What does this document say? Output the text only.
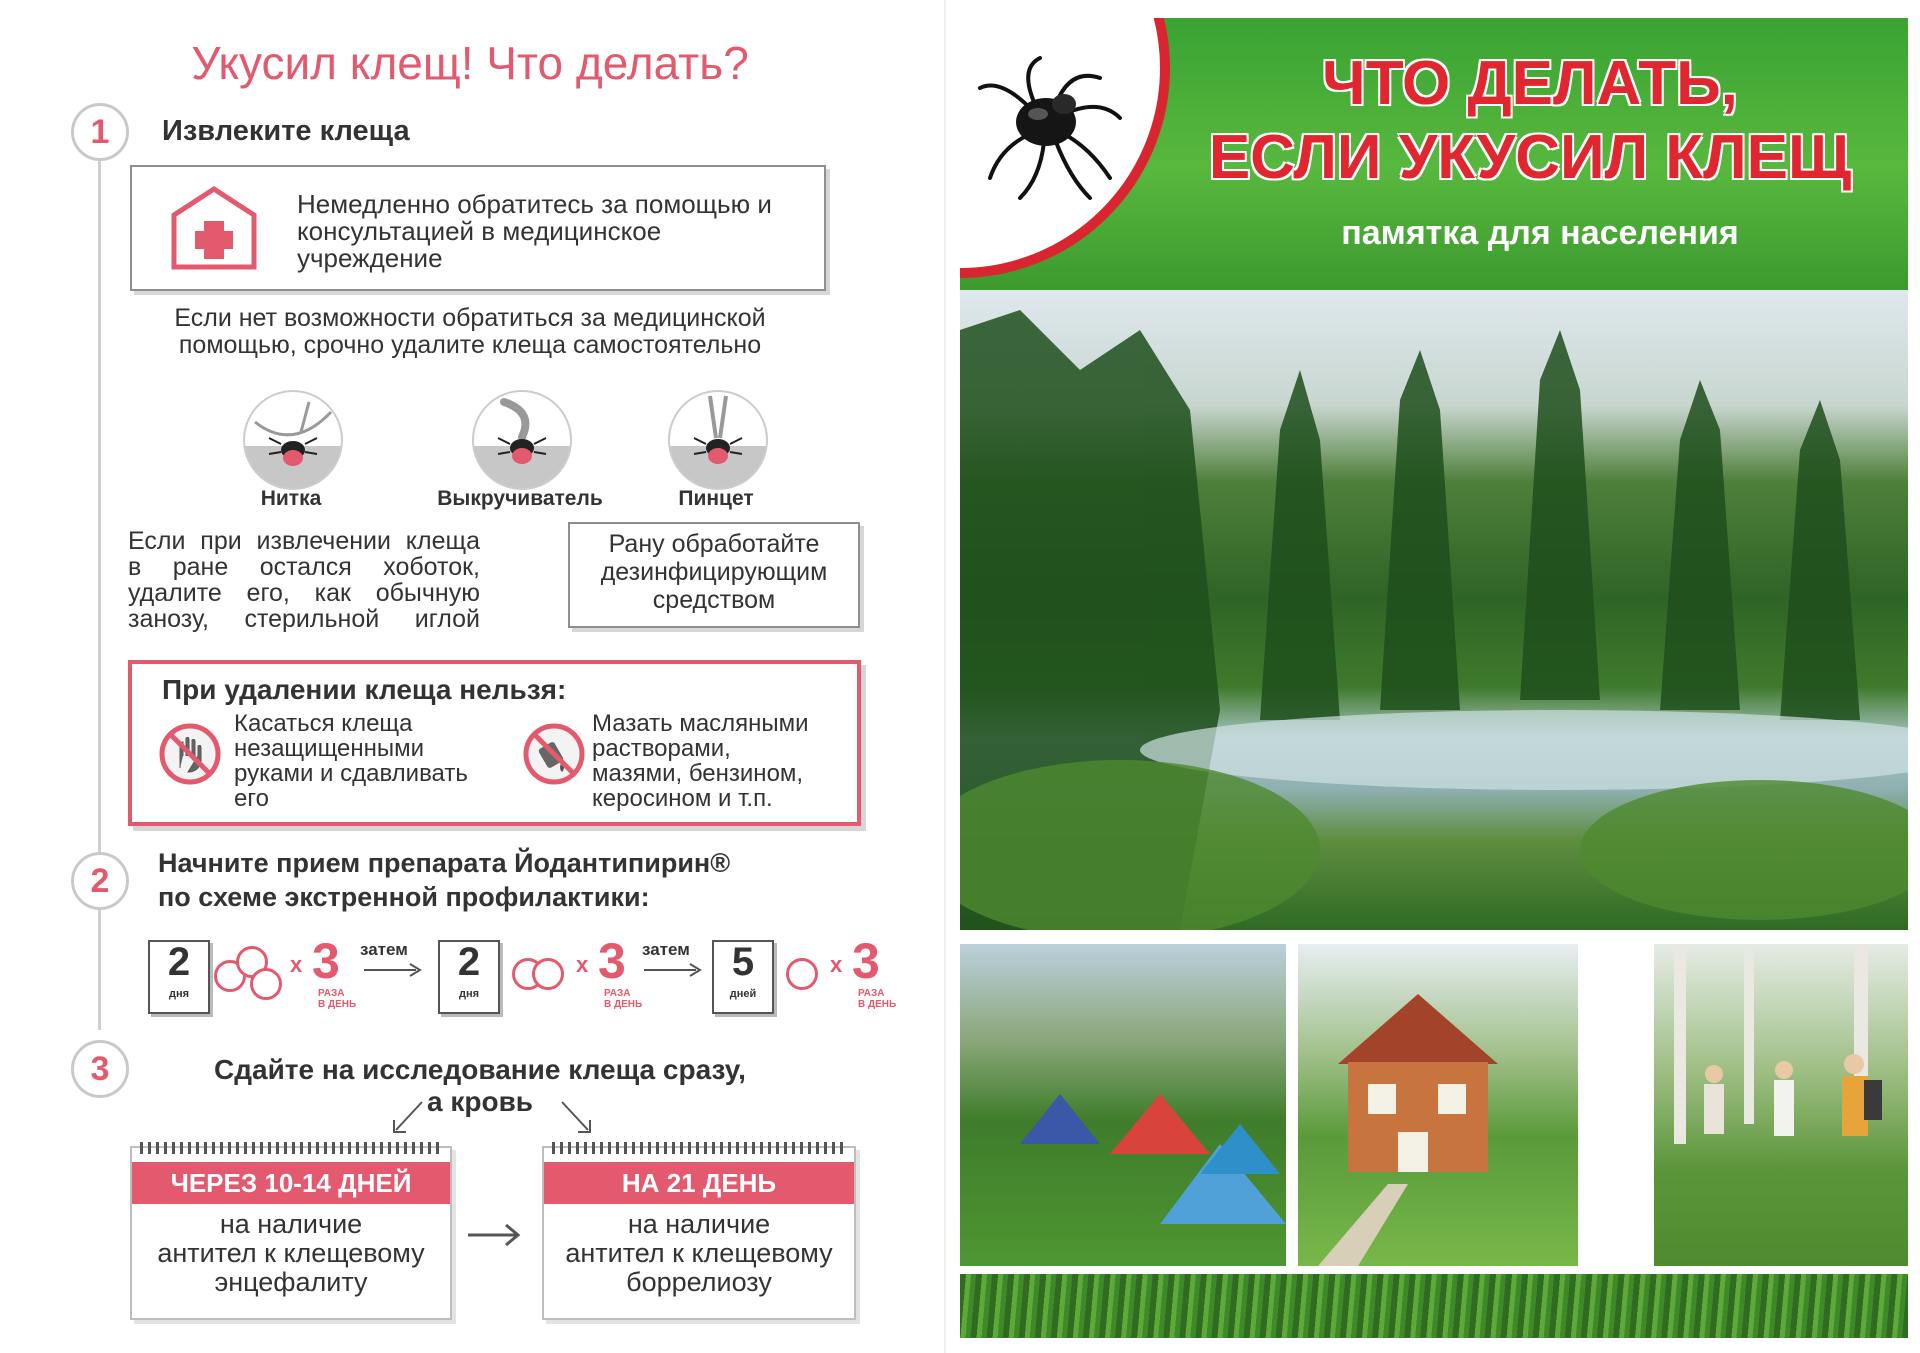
Укусил клещ! Что делать?
1	Извлеките клеща
Немедленно обратитесь за помощью и консультацией в медицинское учреждение
Если нет возможности обратиться за медицинской
помощью, срочно удалите клеща самостоятельно
Нитка	Выкручиватель	Пинцет
Если при извлечении клеща
в ране остался хоботок,
удалите его, как обычную
занозу, стерильной иглой
Рану обработайте
дезинфицирующим
средством
При удалении клеща нельзя:
Касаться клеща
незащищенными
руками и сдавливать
его
Мазать масляными
растворами,
мазями, бензином,
керосином и т.п.
2	Начните прием препарата Йодантипирин®
по схеме экстренной профилактики:
2
дня
х 3
РАЗА
В ДЕНЬ
затем	2
дня
х 3
РАЗА
В ДЕНЬ
затем	5
дней
х 3
РАЗА
В ДЕНЬ
3	Сдайте на исследование клеща сразу,
а кровь
ЧЕРЕЗ 10-14 ДНЕЙ
на наличие
антител к клещевому
энцефалиту
НА 21 ДЕНЬ
на наличие
антител к клещевому
боррелиозу
ЧТО ДЕЛАТЬ,
ЕСЛИ УКУСИЛ КЛЕЩ
памятка для населения
